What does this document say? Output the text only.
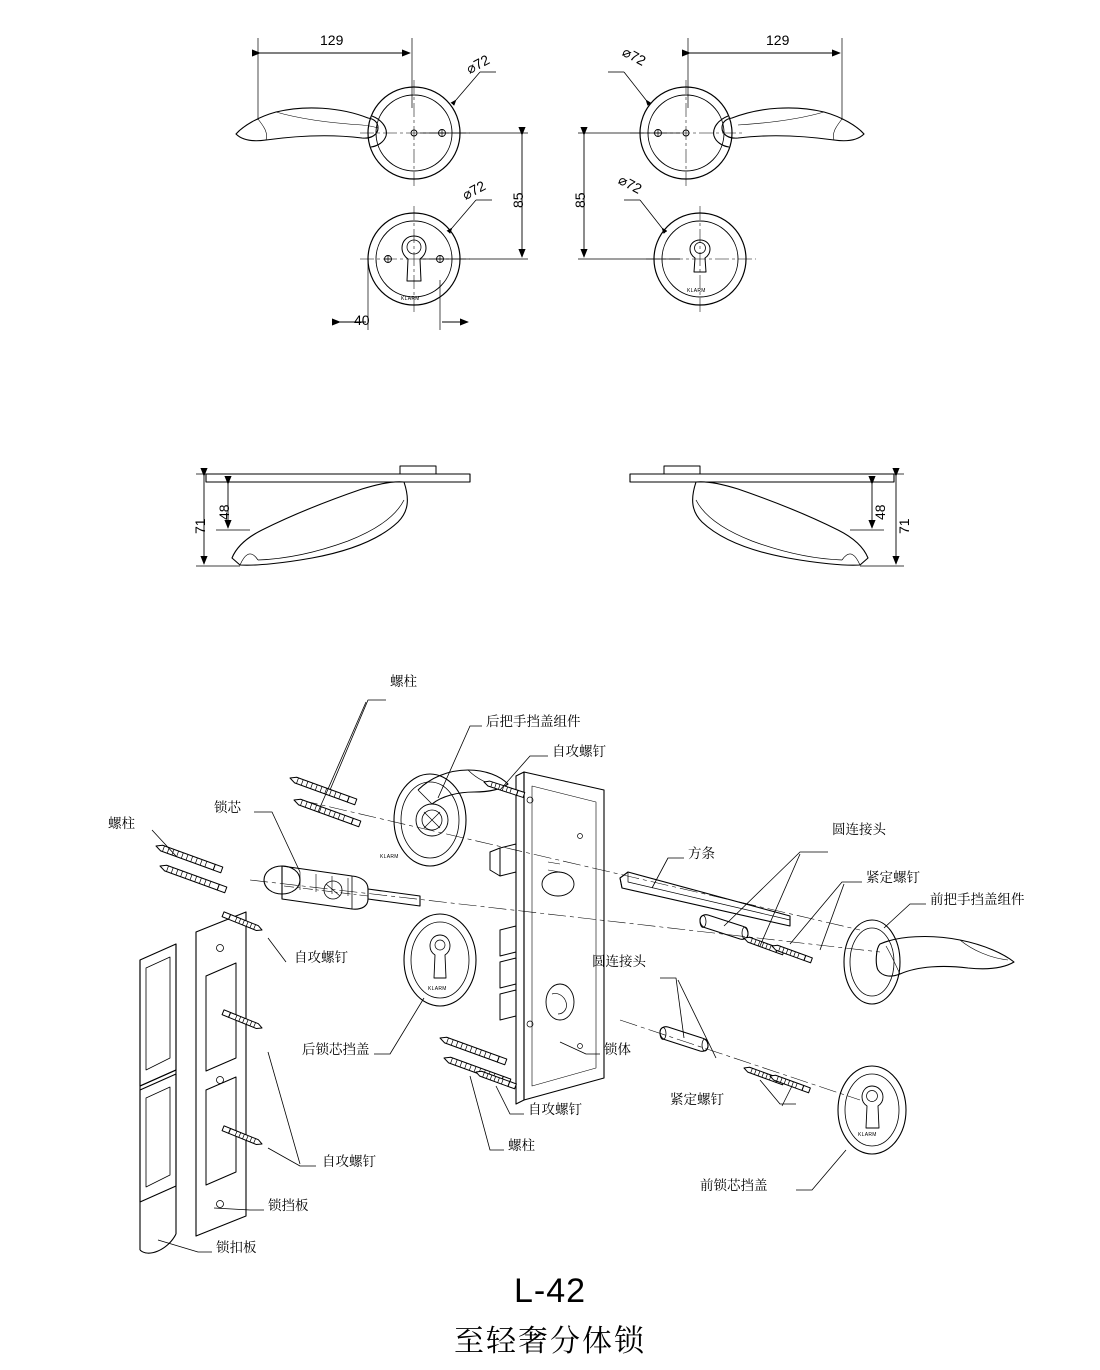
129
⌀72
⌀72 85
40
129
⌀72
⌀72
85
71
48	48
71
KLARM
KLARM
KLARM
KLARM
KLARM
螺柱
后把手挡盖组件
自攻螺钉
锁芯
螺柱
自攻螺钉
后锁芯挡盖
自攻螺钉
锁挡板
锁扣板
自攻螺钉
螺柱
锁体
方条
圆连接头
圆连接头
紧定螺钉
紧定螺钉
前把手挡盖组件
前锁芯挡盖
L-42
至轻奢分体锁
